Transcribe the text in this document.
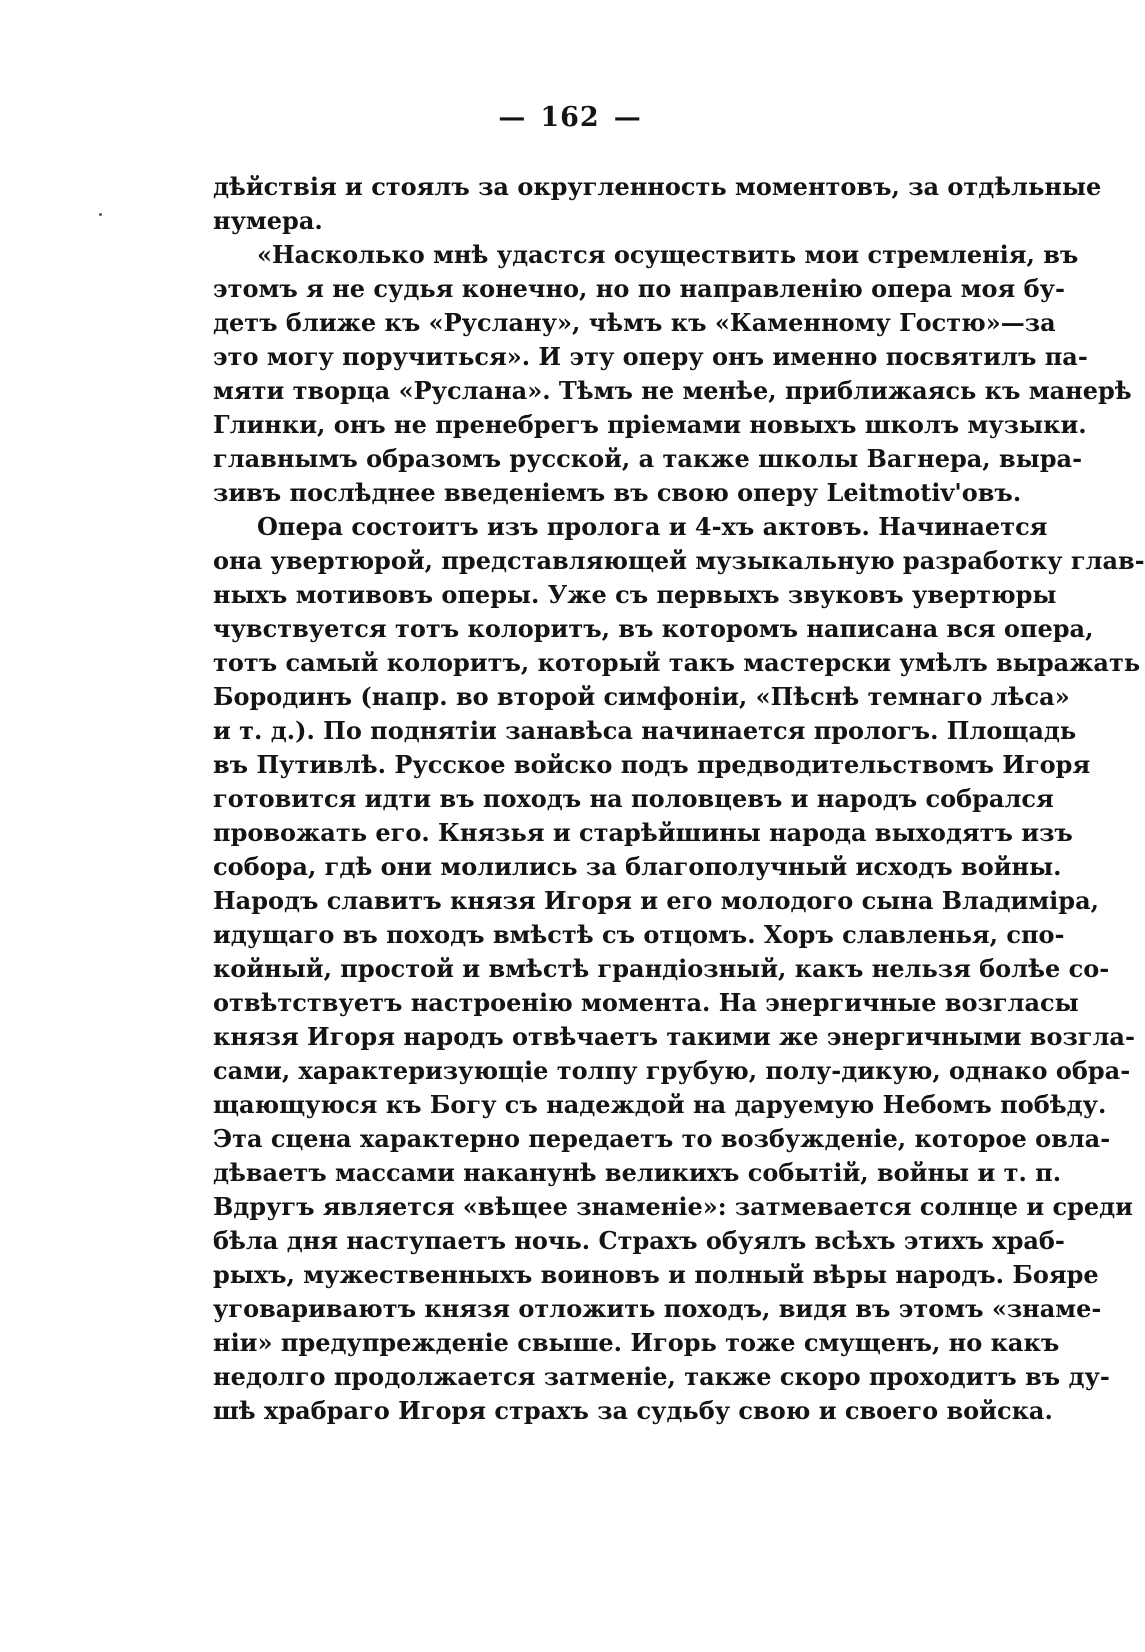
— 162 —
дѣйствія и стоялъ за округленность моментовъ, за отдѣльные
нумера.
«Насколько мнѣ удастся осуществить мои стремленія, въ
этомъ я не судья конечно, но по направленію опера моя бу-
детъ ближе къ «Руслану», чѣмъ къ «Каменному Гостю»—за
это могу поручиться». И эту оперу онъ именно посвятилъ па-
мяти творца «Руслана». Тѣмъ не менѣе, приближаясь къ манерѣ
Глинки, онъ не пренебрегъ пріемами новыхъ школъ музыки.
главнымъ образомъ русской, а также школы Вагнера, выра-
зивъ послѣднее введеніемъ въ свою оперу Leitmotiv'овъ.
Опера состоитъ изъ пролога и 4-хъ актовъ. Начинается
она увертюрой, представляющей музыкальную разработку глав-
ныхъ мотивовъ оперы. Уже съ первыхъ звуковъ увертюры
чувствуется тотъ колоритъ, въ которомъ написана вся опера,
тотъ самый колоритъ, который такъ мастерски умѣлъ выражать
Бородинъ (напр. во второй симфоніи, «Пѣснѣ темнаго лѣса»
и т. д.). По поднятіи занавѣса начинается прологъ. Площадь
въ Путивлѣ. Русское войско подъ предводительствомъ Игоря
готовится идти въ походъ на половцевъ и народъ собрался
провожать его. Князья и старѣйшины народа выходятъ изъ
собора, гдѣ они молились за благополучный исходъ войны.
Народъ славитъ князя Игоря и его молодого сына Владиміра,
идущаго въ походъ вмѣстѣ съ отцомъ. Хоръ славленья, спо-
койный, простой и вмѣстѣ грандіозный, какъ нельзя болѣе со-
отвѣтствуетъ настроенію момента. На энергичные возгласы
князя Игоря народъ отвѣчаетъ такими же энергичными возгла-
сами, характеризующіе толпу грубую, полу-дикую, однако обра-
щающуюся къ Богу съ надеждой на даруемую Небомъ побѣду.
Эта сцена характерно передаетъ то возбужденіе, которое овла-
дѣваетъ массами наканунѣ великихъ событій, войны и т. п.
Вдругъ является «вѣщее знаменіе»: затмевается солнце и среди
бѣла дня наступаетъ ночь. Страхъ обуялъ всѣхъ этихъ храб-
рыхъ, мужественныхъ воиновъ и полный вѣры народъ. Бояре
уговариваютъ князя отложить походъ, видя въ этомъ «знаме-
ніи» предупрежденіе свыше. Игорь тоже смущенъ, но какъ
недолго продолжается затменіе, также скоро проходитъ въ ду-
шѣ храбраго Игоря страхъ за судьбу свою и своего войска.
